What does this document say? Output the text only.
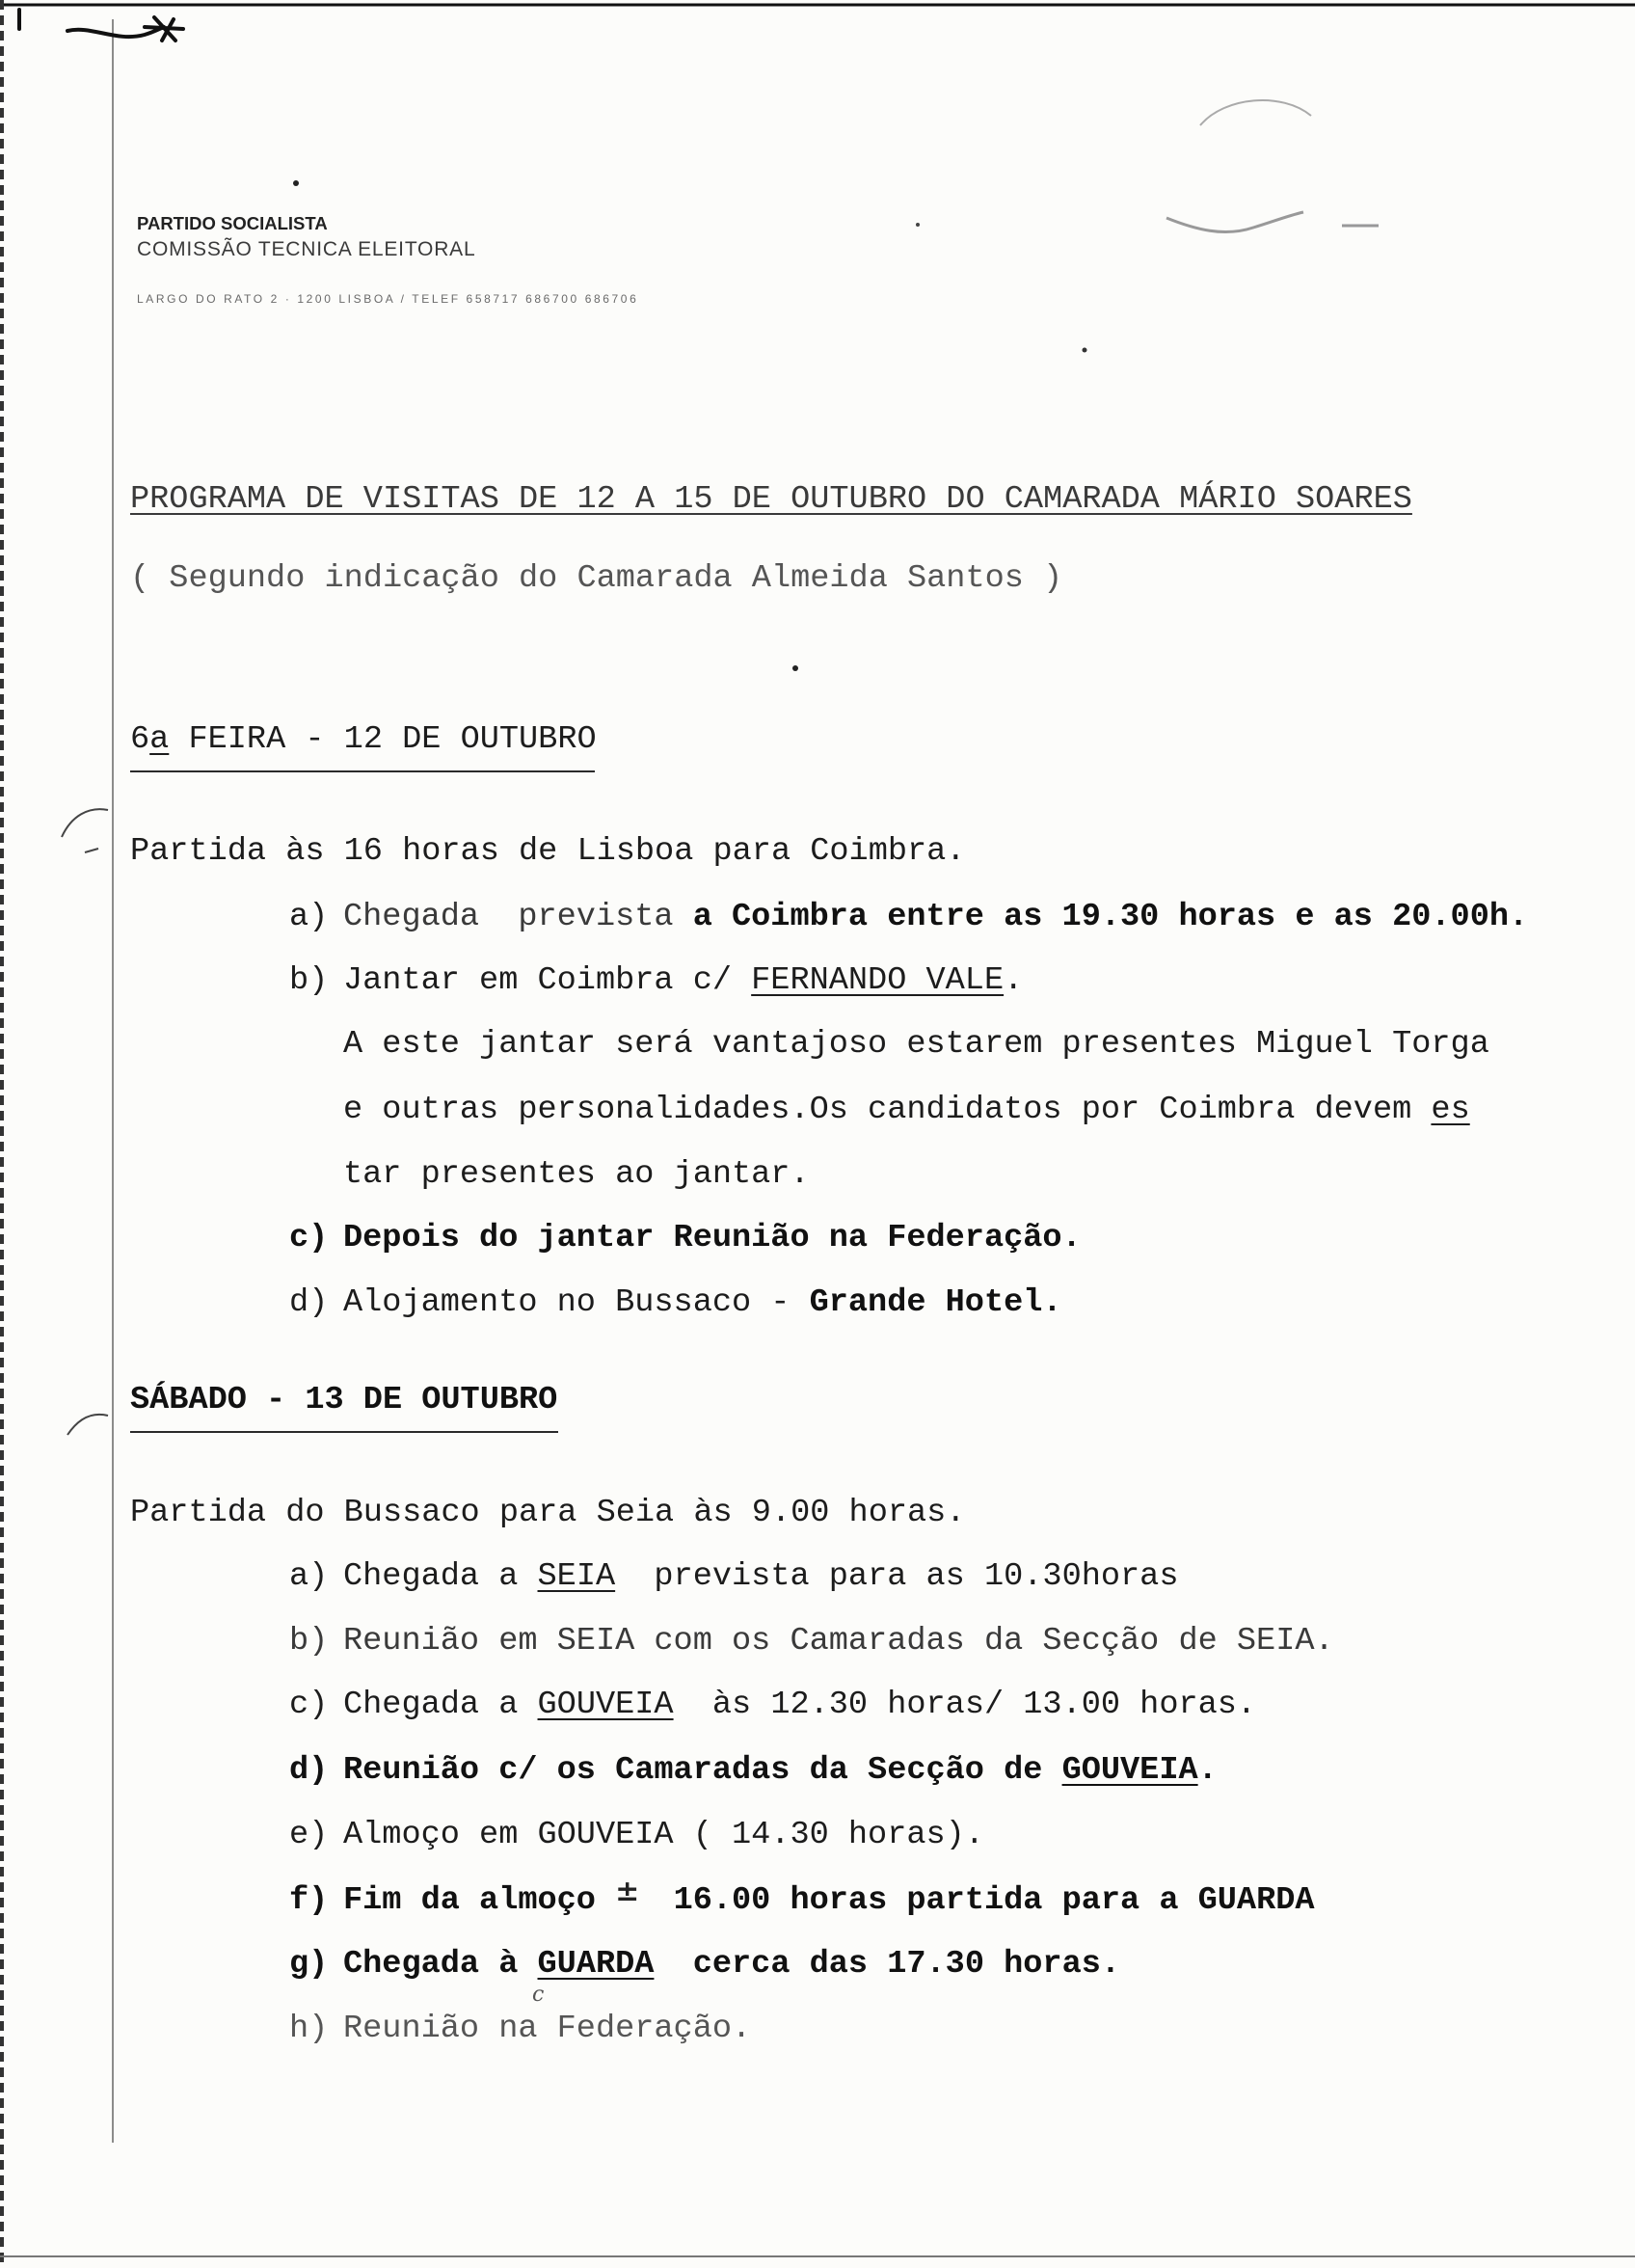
PARTIDO SOCIALISTA
COMISSÃO TECNICA ELEITORAL
LARGO DO RATO 2 · 1200 LISBOA / TELEF 658717 686700 686706
PROGRAMA DE VISITAS DE 12 A 15 DE OUTUBRO DO CAMARADA MÁRIO SOARES
( Segundo indicação do Camarada Almeida Santos )
6a FEIRA - 12 DE OUTUBRO
Partida às 16 horas de Lisboa para Coimbra.
a) Chegada  prevista a Coimbra entre as 19.30 horas e as 20.00h.
b) Jantar em Coimbra c/ FERNANDO VALE.
A este jantar será vantajoso estarem presentes Miguel Torga
e outras personalidades.Os candidatos por Coimbra devem es
tar presentes ao jantar.
c) Depois do jantar Reunião na Federação.
d) Alojamento no Bussaco - Grande Hotel.
SÁBADO - 13 DE OUTUBRO
Partida do Bussaco para Seia às 9.00 horas.
a) Chegada a SEIA  prevista para as 10.30horas
b) Reunião em SEIA com os Camaradas da Secção de SEIA.
c) Chegada a GOUVEIA  às 12.30 horas/ 13.00 horas.
d) Reunião c/ os Camaradas da Secção de GOUVEIA.
e) Almoço em GOUVEIA ( 14.30 horas).
f) Fim da almoço ±  16.00 horas partida para a GUARDA
g) Chegada à GUARDA  cerca das 17.30 horas.
c
h) Reunião na Federação.
